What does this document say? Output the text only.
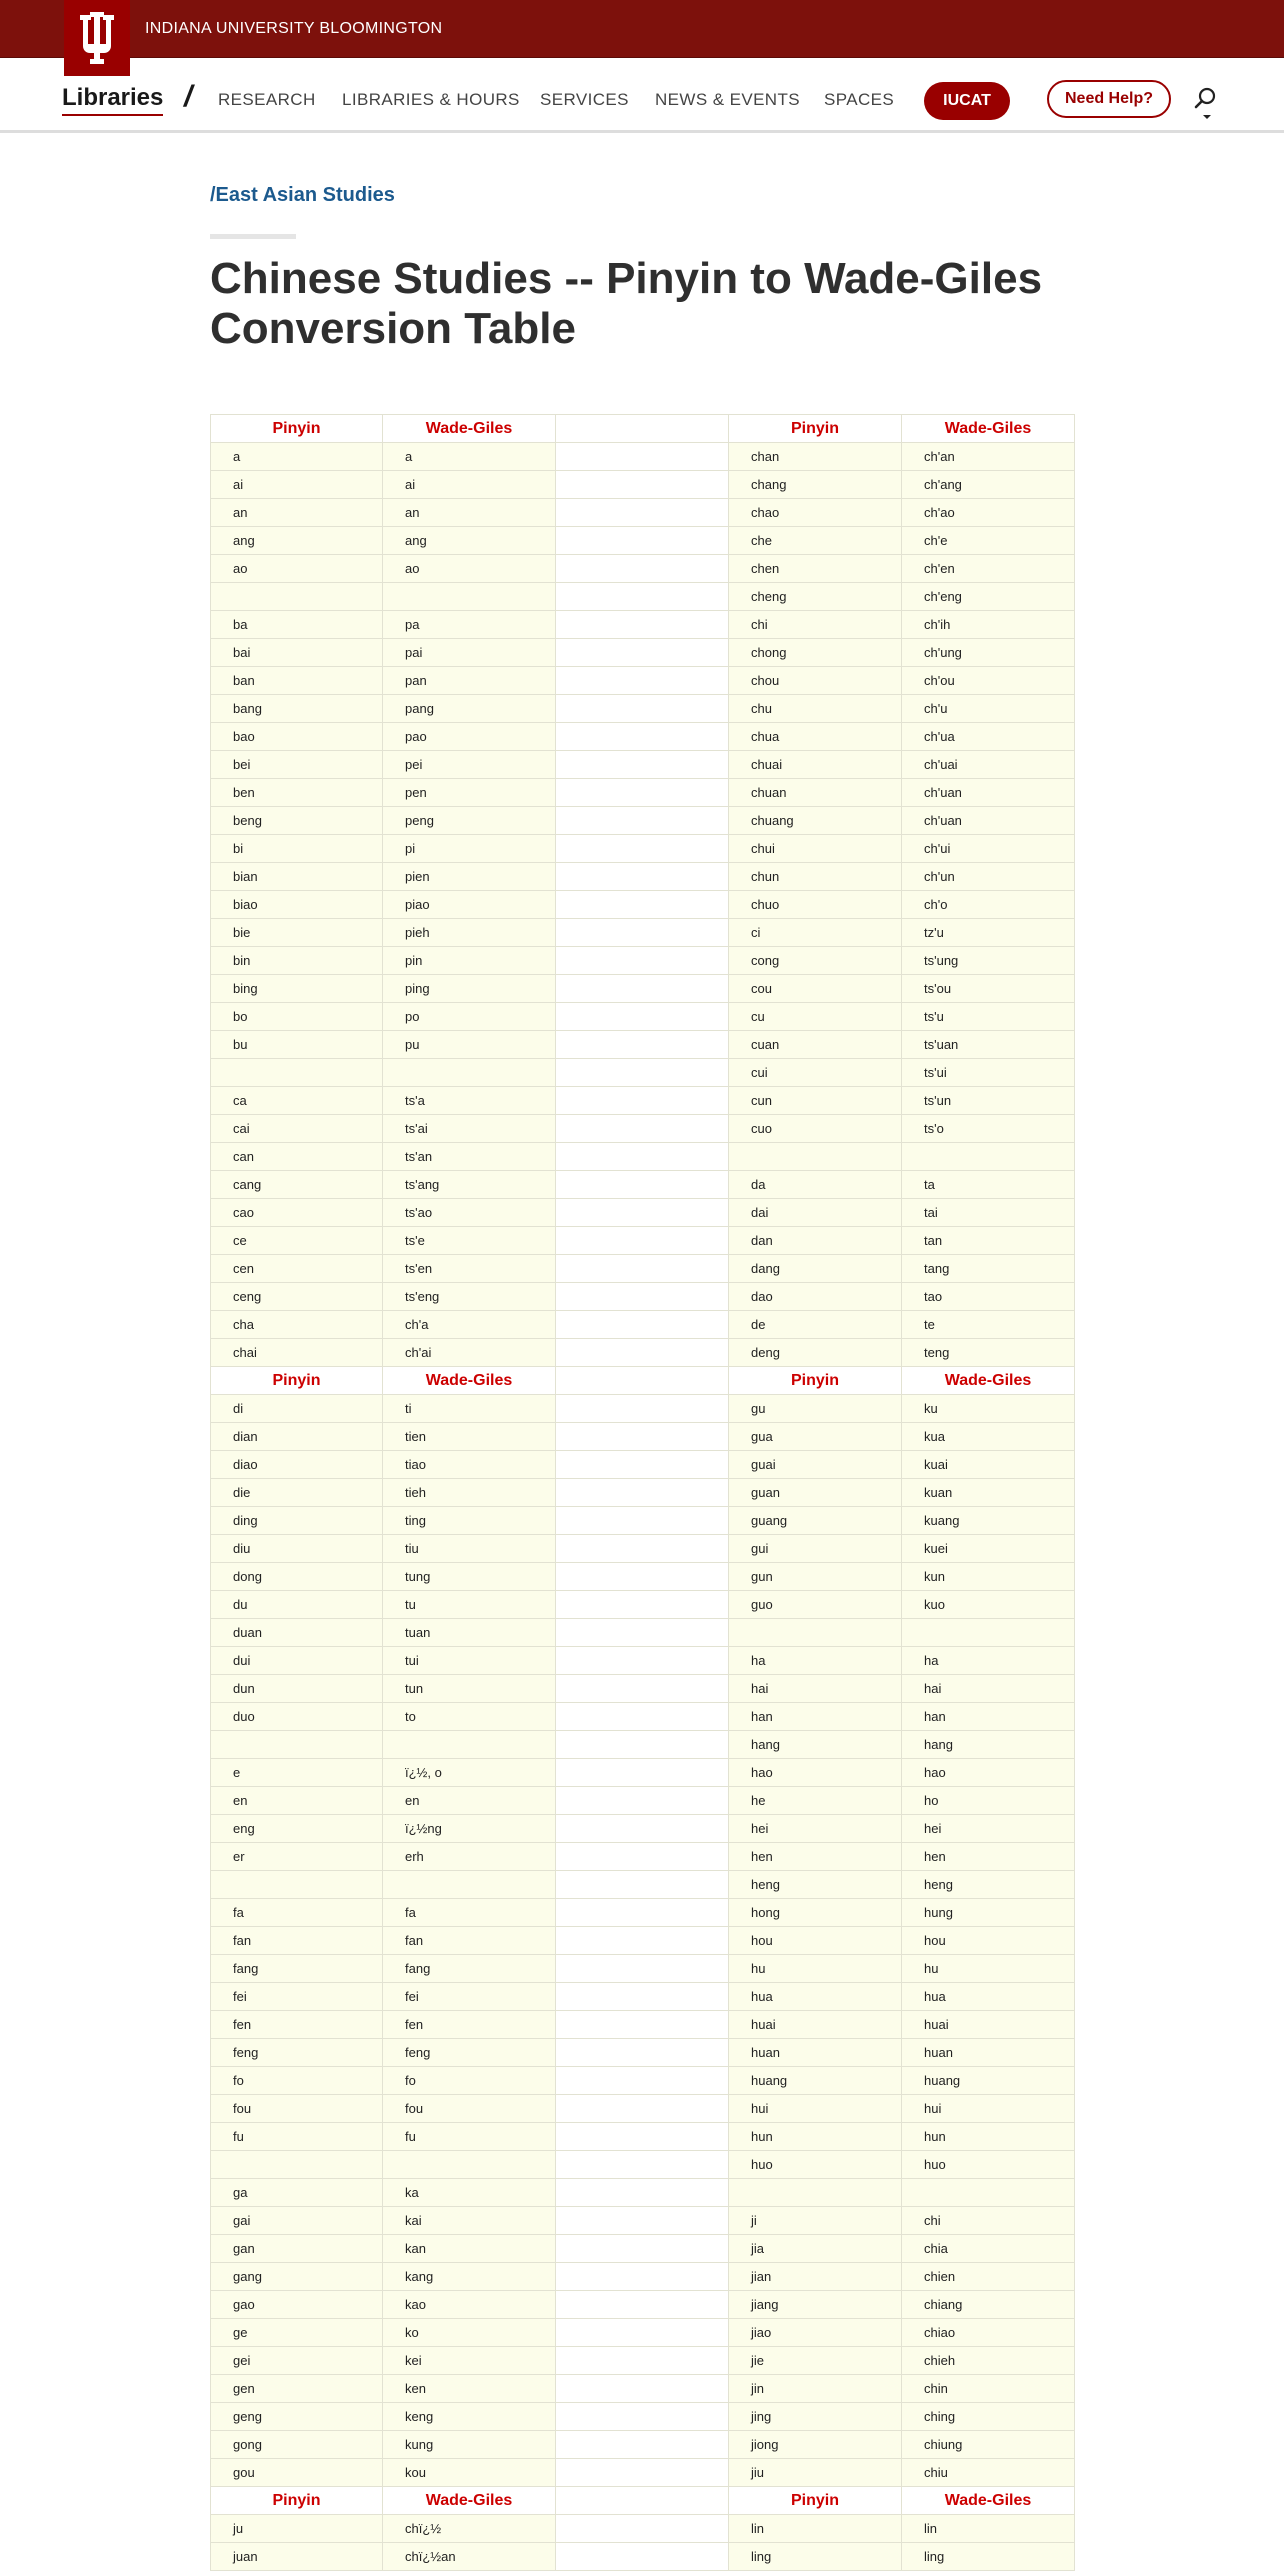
INDIANA UNIVERSITY BLOOMINGTON
Libraries / RESEARCH LIBRARIES & HOURS SERVICES NEWS & EVENTS SPACES	IUCAT	Need Help?
/East Asian Studies
Chinese Studies -- Pinyin to Wade-Giles Conversion Table
Pinyin	Wade-Giles		Pinyin	Wade-Giles
a	a		chan	ch'an
ai	ai		chang	ch'ang
an	an		chao	ch'ao
ang	ang		che	ch'e
ao	ao		chen	ch'en
			cheng	ch'eng
ba	pa		chi	ch'ih
bai	pai		chong	ch'ung
ban	pan		chou	ch'ou
bang	pang		chu	ch'u
bao	pao		chua	ch'ua
bei	pei		chuai	ch'uai
ben	pen		chuan	ch'uan
beng	peng		chuang	ch'uan
bi	pi		chui	ch'ui
bian	pien		chun	ch'un
biao	piao		chuo	ch'o
bie	pieh		ci	tz'u
bin	pin		cong	ts'ung
bing	ping		cou	ts'ou
bo	po		cu	ts'u
bu	pu		cuan	ts'uan
			cui	ts'ui
ca	ts'a		cun	ts'un
cai	ts'ai		cuo	ts'o
can	ts'an			
cang	ts'ang		da	ta
cao	ts'ao		dai	tai
ce	ts'e		dan	tan
cen	ts'en		dang	tang
ceng	ts'eng		dao	tao
cha	ch'a		de	te
chai	ch'ai		deng	teng
Pinyin	Wade-Giles		Pinyin	Wade-Giles
di	ti		gu	ku
dian	tien		gua	kua
diao	tiao		guai	kuai
die	tieh		guan	kuan
ding	ting		guang	kuang
diu	tiu		gui	kuei
dong	tung		gun	kun
du	tu		guo	kuo
duan	tuan			
dui	tui		ha	ha
dun	tun		hai	hai
duo	to		han	han
			hang	hang
e	ï¿½, o		hao	hao
en	en		he	ho
eng	ï¿½ng		hei	hei
er	erh		hen	hen
			heng	heng
fa	fa		hong	hung
fan	fan		hou	hou
fang	fang		hu	hu
fei	fei		hua	hua
fen	fen		huai	huai
feng	feng		huan	huan
fo	fo		huang	huang
fou	fou		hui	hui
fu	fu		hun	hun
			huo	huo
ga	ka			
gai	kai		ji	chi
gan	kan		jia	chia
gang	kang		jian	chien
gao	kao		jiang	chiang
ge	ko		jiao	chiao
gei	kei		jie	chieh
gen	ken		jin	chin
geng	keng		jing	ching
gong	kung		jiong	chiung
gou	kou		jiu	chiu
Pinyin	Wade-Giles		Pinyin	Wade-Giles
ju	chï¿½		lin	lin
juan	chï¿½an		ling	ling
